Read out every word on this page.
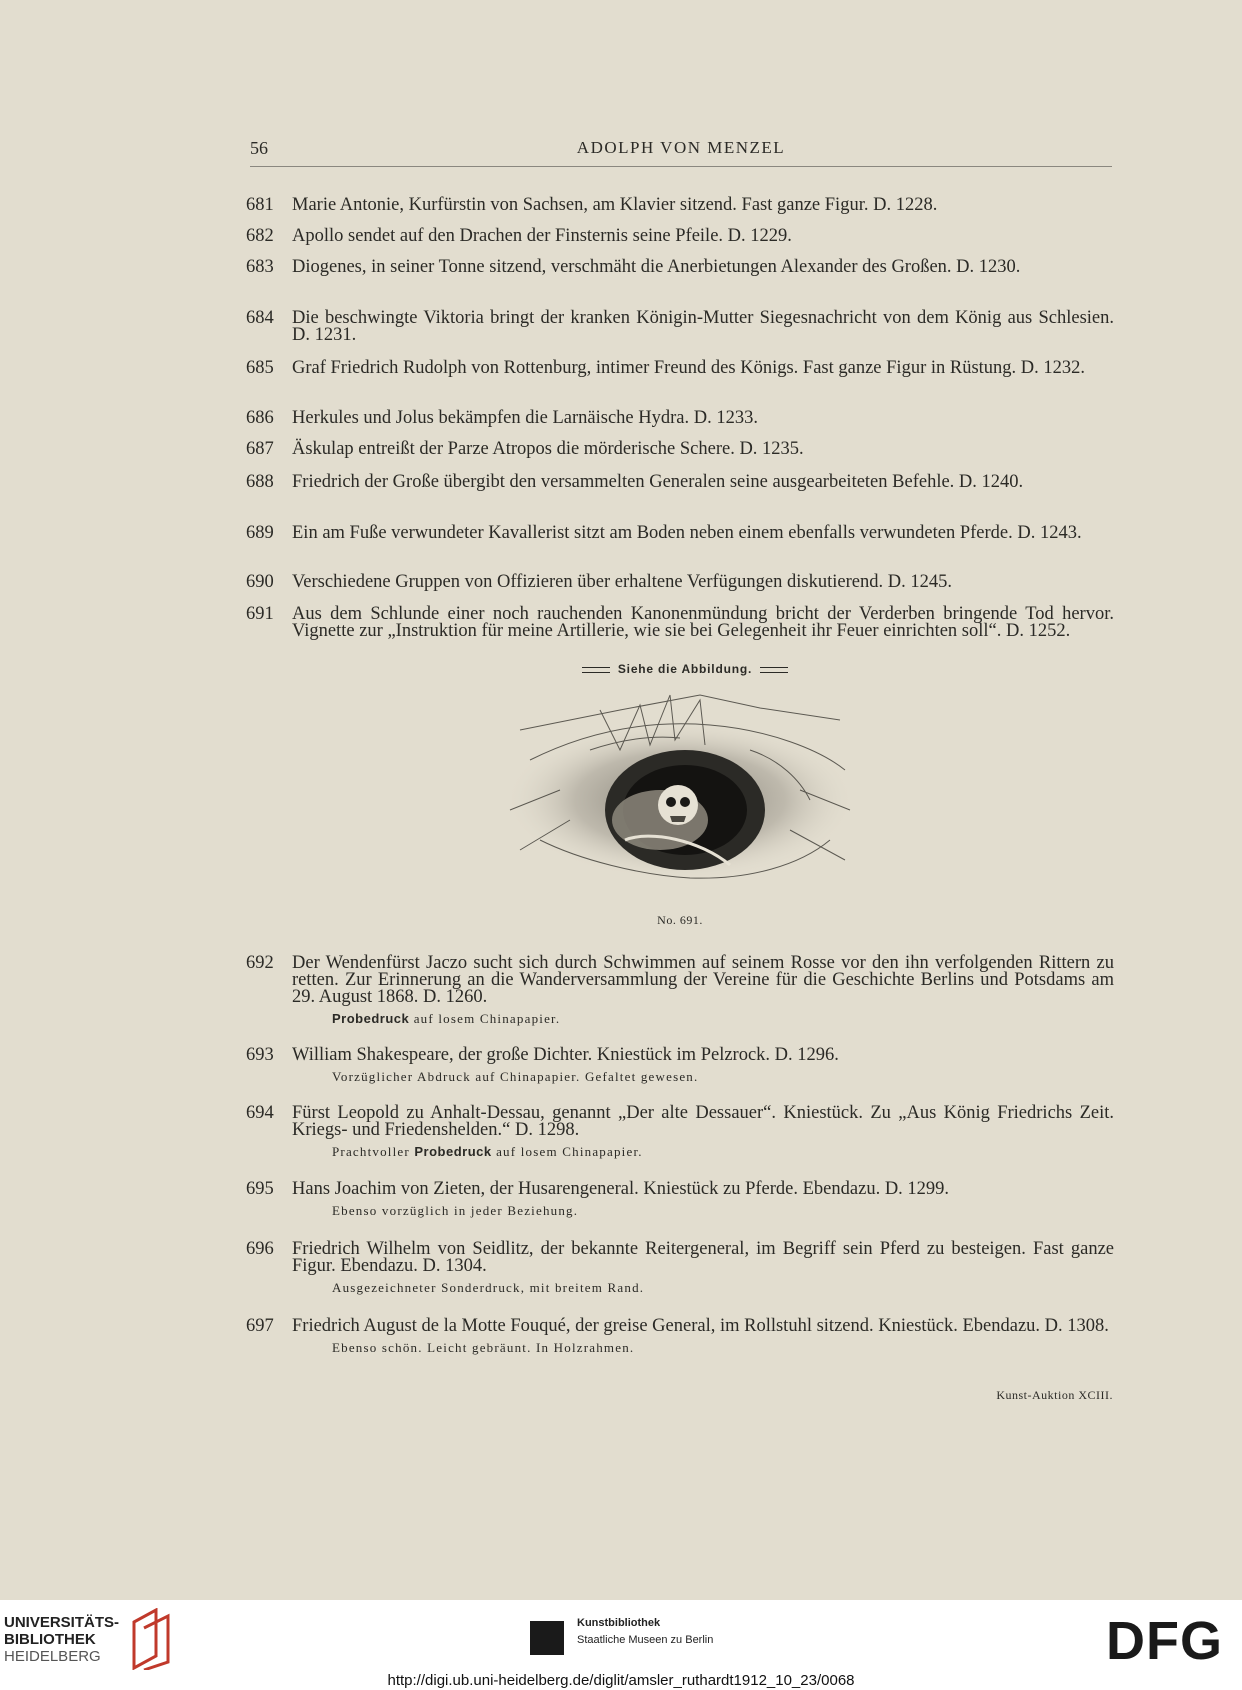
56	ADOLPH VON MENZEL
681 Marie Antonie, Kurfürstin von Sachsen, am Klavier sitzend. Fast ganze Figur. D. 1228.
682 Apollo sendet auf den Drachen der Finsternis seine Pfeile. D. 1229.
683 Diogenes, in seiner Tonne sitzend, verschmäht die Anerbietungen Alexander des Großen. D. 1230.
684 Die beschwingte Viktoria bringt der kranken Königin-Mutter Siegesnachricht von dem König aus Schlesien. D. 1231.
685 Graf Friedrich Rudolph von Rottenburg, intimer Freund des Königs. Fast ganze Figur in Rüstung. D. 1232.
686 Herkules und Jolus bekämpfen die Larnäische Hydra. D. 1233.
687 Äskulap entreißt der Parze Atropos die mörderische Schere. D. 1235.
688 Friedrich der Große übergibt den versammelten Generalen seine ausgearbeiteten Befehle. D. 1240.
689 Ein am Fuße verwundeter Kavallerist sitzt am Boden neben einem ebenfalls verwundeten Pferde. D. 1243.
690 Verschiedene Gruppen von Offizieren über erhaltene Verfügungen diskutierend. D. 1245.
691 Aus dem Schlunde einer noch rauchenden Kanonenmündung bricht der Verderben bringende Tod hervor. Vignette zur „Instruktion für meine Artillerie, wie sie bei Gelegenheit ihr Feuer einrichten soll“. D. 1252.
Siehe die Abbildung.
No. 691.
692 Der Wendenfürst Jaczo sucht sich durch Schwimmen auf seinem Rosse vor den ihn verfolgenden Rittern zu retten. Zur Erinnerung an die Wanderversammlung der Vereine für die Geschichte Berlins und Potsdams am 29. August 1868. D. 1260.
Probedruck auf losem Chinapapier.
693 William Shakespeare, der große Dichter. Kniestück im Pelzrock. D. 1296.
Vorzüglicher Abdruck auf Chinapapier. Gefaltet gewesen.
694 Fürst Leopold zu Anhalt-Dessau, genannt „Der alte Dessauer“. Kniestück. Zu „Aus König Friedrichs Zeit. Kriegs- und Friedenshelden.“ D. 1298.
Prachtvoller Probedruck auf losem Chinapapier.
695 Hans Joachim von Zieten, der Husarengeneral. Kniestück zu Pferde. Ebendazu. D. 1299.
Ebenso vorzüglich in jeder Beziehung.
696 Friedrich Wilhelm von Seidlitz, der bekannte Reitergeneral, im Begriff sein Pferd zu besteigen. Fast ganze Figur. Ebendazu. D. 1304.
Ausgezeichneter Sonderdruck, mit breitem Rand.
697 Friedrich August de la Motte Fouqué, der greise General, im Rollstuhl sitzend. Kniestück. Ebendazu. D. 1308.
Ebenso schön. Leicht gebräunt. In Holzrahmen.
Kunst-Auktion XCIII.
UNIVERSITÄTS-
BIBLIOTHEK
HEIDELBERG
Kunstbibliothek
Staatliche Museen zu Berlin	DFG
http://digi.ub.uni-heidelberg.de/diglit/amsler_ruthardt1912_10_23/0068
